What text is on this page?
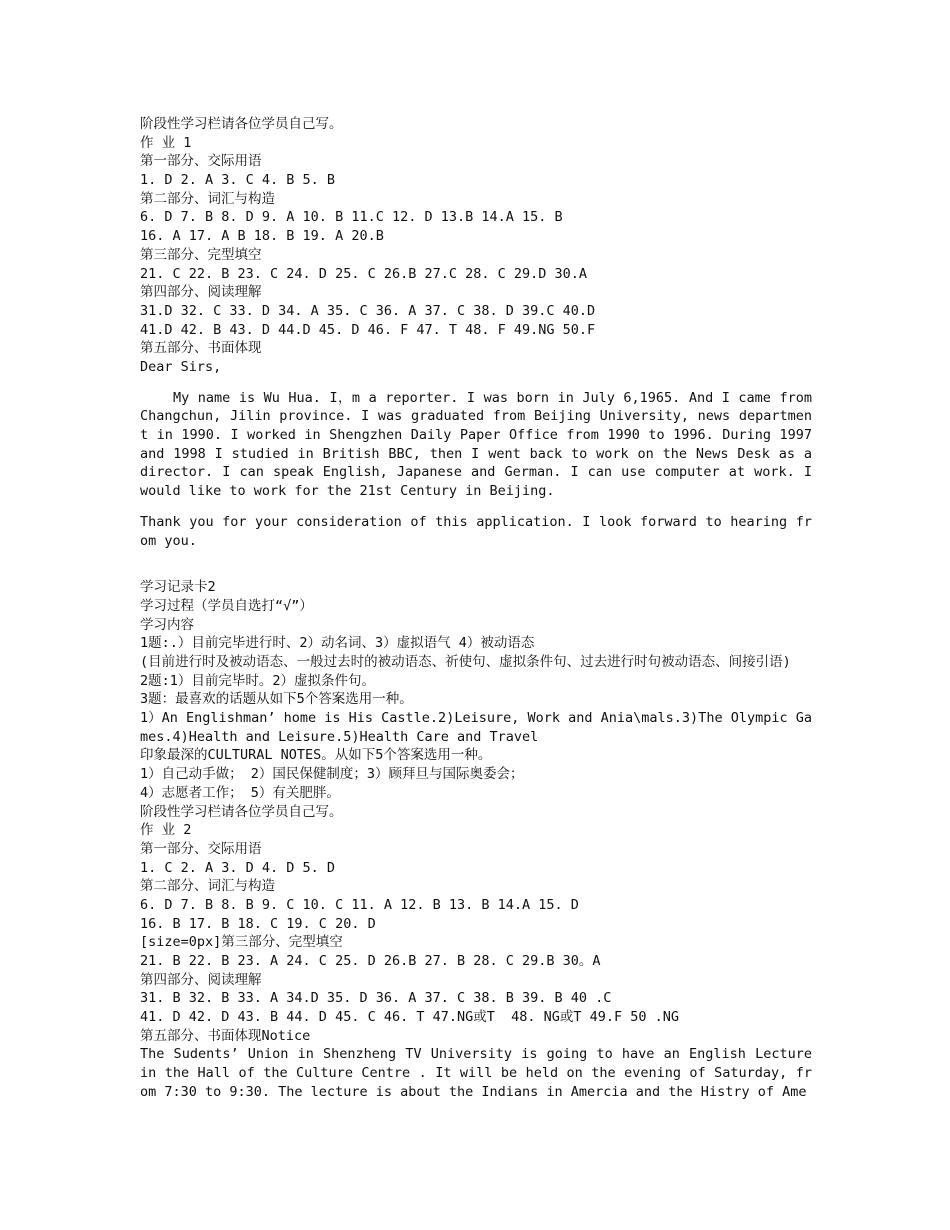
阶段性学习栏请各位学员自己写。
作 业 1
第一部分、交际用语
1. D 2. A 3. C 4. B 5. B
第二部分、词汇与构造
6. D 7. B 8. D 9. A 10. B 11.C 12. D 13.B 14.A 15. B
16. A 17. A B 18. B 19. A 20.B
第三部分、完型填空
21. C 22. B 23. C 24. D 25. C 26.B 27.C 28. C 29.D 30.A
第四部分、阅读理解
31.D 32. C 33. D 34. A 35. C 36. A 37. C 38. D 39.C 40.D
41.D 42. B 43. D 44.D 45. D 46. F 47. T 48. F 49.NG 50.F
第五部分、书面体现
Dear Sirs,
My name is Wu Hua. I，m a reporter. I was born in July 6,1965. And I came from Changchun, Jilin province. I was graduated from Beijing University, news department in 1990. I worked in Shengzhen Daily Paper Office from 1990 to 1996. During 1997 and 1998 I studied in British BBC, then I went back to work on the News Desk as a director. I can speak English, Japanese and German. I can use computer at work. I would like to work for the 21st Century in Beijing.
Thank you for your consideration of this application. I look forward to hearing from you.
学习记录卡2
学习过程（学员自选打“√”）
学习内容
1题:.）目前完毕进行时、2）动名词、3）虚拟语气 4）被动语态
(目前进行时及被动语态、一般过去时的被动语态、祈使句、虚拟条件句、过去进行时句被动语态、间接引语)
2题:1）目前完毕时。2）虚拟条件句。
3题：最喜欢的话题从如下5个答案选用一种。
1）An Englishman’ home is His Castle.2)Leisure, Work and Ania\mals.3)The Olympic Games.4)Health and Leisure.5)Health Care and Travel
印象最深的CULTURAL NOTES。从如下5个答案选用一种。
1）自己动手做； 2）国民保健制度；3）顾拜旦与国际奥委会；
4）志愿者工作； 5）有关肥胖。
阶段性学习栏请各位学员自己写。
作 业 2
第一部分、交际用语
1. C 2. A 3. D 4. D 5. D
第二部分、词汇与构造
6. D 7. B 8. B 9. C 10. C 11. A 12. B 13. B 14.A 15. D
16. B 17. B 18. C 19. C 20. D
[size=0px]第三部分、完型填空
21. B 22. B 23. A 24. C 25. D 26.B 27. B 28. C 29.B 30。A
第四部分、阅读理解
31. B 32. B 33. A 34.D 35. D 36. A 37. C 38. B 39. B 40 .C
41. D 42. D 43. B 44. D 45. C 46. T 47.NG或T  48. NG或T 49.F 50 .NG
第五部分、书面体现Notice
The Sudents’ Union in Shenzheng TV University is going to have an English Lecture in the Hall of the Culture Centre . It will be held on the evening of Saturday, from 7:30 to 9:30. The lecture is about the Indians in Amercia and the Histry of Ame
